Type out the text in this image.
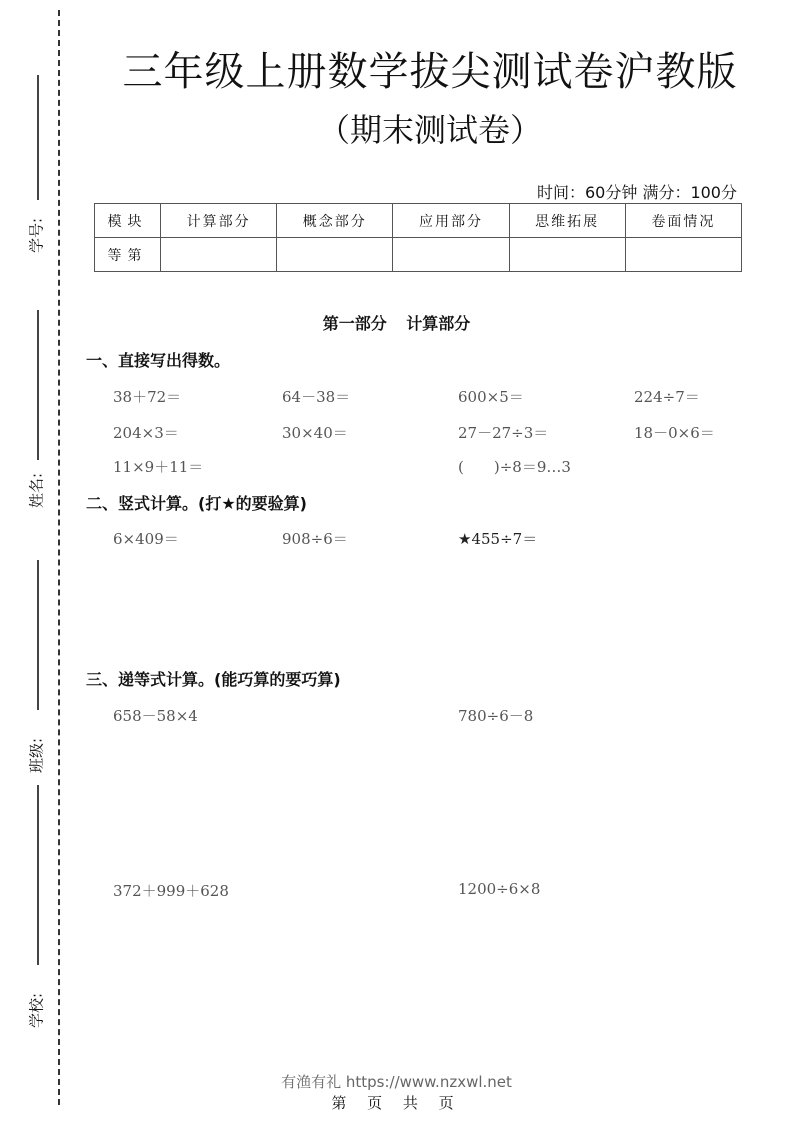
学号:
姓名:
班级:
学校:
三年级上册数学拔尖测试卷沪教版
（期末测试卷）
时间：60分钟 满分：100分
模块	计算部分	概念部分	应用部分	思维拓展	卷面情况
等第					
第一部分 计算部分
一、直接写出得数。
38＋72＝	64－38＝	600×5＝	224÷7＝
204×3＝	30×40＝	27－27÷3＝	18－0×6＝
11×9＋11＝	(　　)÷8＝9…3
二、竖式计算。(打★的要验算)
6×409＝	908÷6＝	★455÷7＝
三、递等式计算。(能巧算的要巧算)
658－58×4	780÷6－8
372＋999＋628	1200÷6×8
有渔有礼 https://www.nzxwl.net
第 页 共 页
